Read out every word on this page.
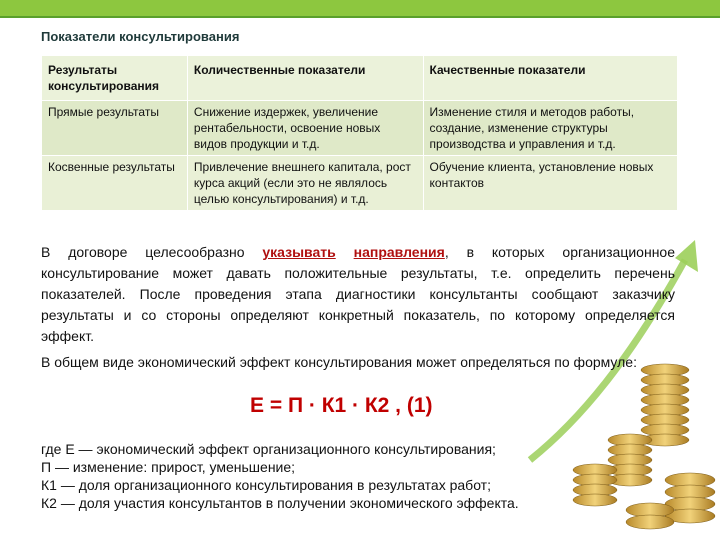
Показатели консультирования
Результаты консультирования	Количественные показатели	Качественные показатели
Прямые результаты	Снижение издержек, увеличение рентабельности, освоение новых видов продукции и т.д.	Изменение стиля и методов работы, создание, изменение структуры производства и управления и т.д.
Косвенные результаты	Привлечение внешнего капитала, рост курса акций (если это не являлось целью консультирования) и т.д.	Обучение клиента, установление новых контактов
В договоре целесообразно указывать направления, в которых организационное консультирование может давать положительные результаты, т.е. определить перечень показателей. После проведения этапа диагностики консультанты сообщают заказчику результаты и со стороны определяют конкретный показатель, по которому определяется эффект.
В общем виде экономический эффект консультирования может определяться по формуле:
Е = П · К1 · К2 , (1)
где Е — экономический эффект организационного консультирования;
П — изменение: прирост, уменьшение;
К1 — доля организационного консультирования в результатах работ;
К2 — доля участия консультантов в получении экономического эффекта.
